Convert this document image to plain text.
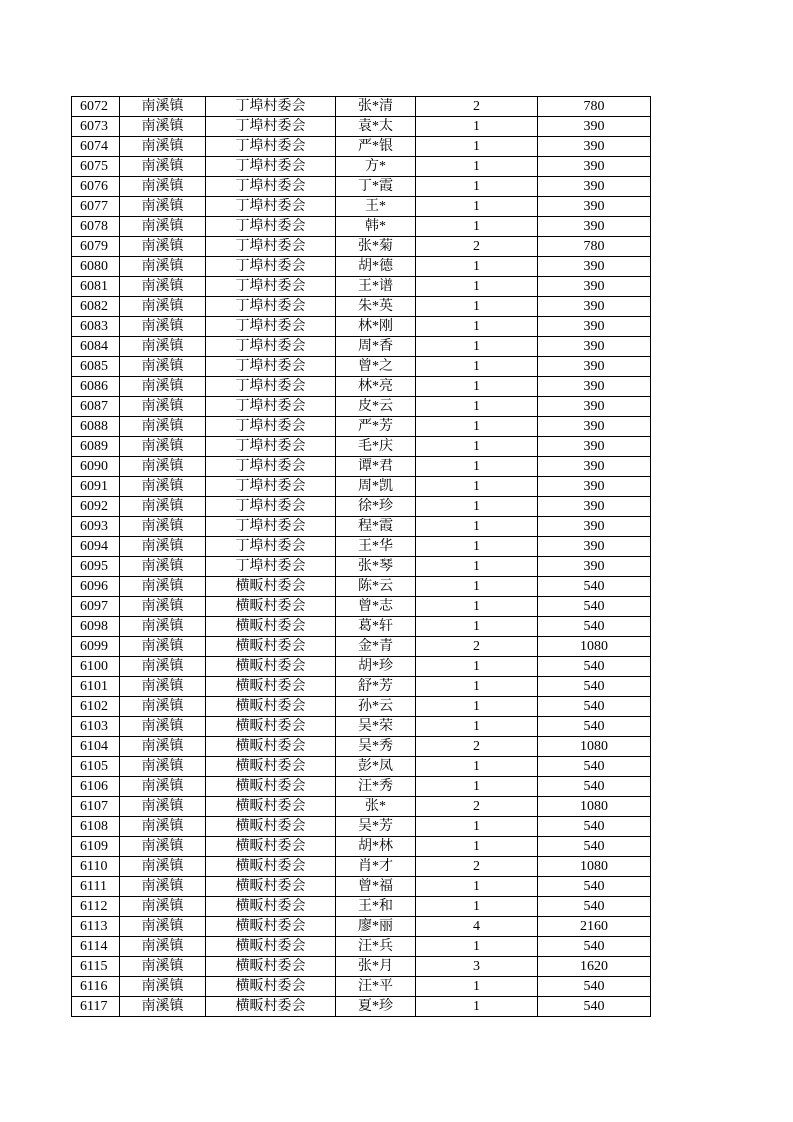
6072	南溪镇	丁埠村委会	张*清	2	780
6073	南溪镇	丁埠村委会	袁*太	1	390
6074	南溪镇	丁埠村委会	严*银	1	390
6075	南溪镇	丁埠村委会	方*	1	390
6076	南溪镇	丁埠村委会	丁*霞	1	390
6077	南溪镇	丁埠村委会	王*	1	390
6078	南溪镇	丁埠村委会	韩*	1	390
6079	南溪镇	丁埠村委会	张*菊	2	780
6080	南溪镇	丁埠村委会	胡*德	1	390
6081	南溪镇	丁埠村委会	王*谱	1	390
6082	南溪镇	丁埠村委会	朱*英	1	390
6083	南溪镇	丁埠村委会	林*刚	1	390
6084	南溪镇	丁埠村委会	周*香	1	390
6085	南溪镇	丁埠村委会	曾*之	1	390
6086	南溪镇	丁埠村委会	林*亮	1	390
6087	南溪镇	丁埠村委会	皮*云	1	390
6088	南溪镇	丁埠村委会	严*芳	1	390
6089	南溪镇	丁埠村委会	毛*庆	1	390
6090	南溪镇	丁埠村委会	谭*君	1	390
6091	南溪镇	丁埠村委会	周*凯	1	390
6092	南溪镇	丁埠村委会	徐*珍	1	390
6093	南溪镇	丁埠村委会	程*霞	1	390
6094	南溪镇	丁埠村委会	王*华	1	390
6095	南溪镇	丁埠村委会	张*琴	1	390
6096	南溪镇	横畈村委会	陈*云	1	540
6097	南溪镇	横畈村委会	曾*志	1	540
6098	南溪镇	横畈村委会	葛*轩	1	540
6099	南溪镇	横畈村委会	金*青	2	1080
6100	南溪镇	横畈村委会	胡*珍	1	540
6101	南溪镇	横畈村委会	舒*芳	1	540
6102	南溪镇	横畈村委会	孙*云	1	540
6103	南溪镇	横畈村委会	吴*荣	1	540
6104	南溪镇	横畈村委会	吴*秀	2	1080
6105	南溪镇	横畈村委会	彭*凤	1	540
6106	南溪镇	横畈村委会	汪*秀	1	540
6107	南溪镇	横畈村委会	张*	2	1080
6108	南溪镇	横畈村委会	吴*芳	1	540
6109	南溪镇	横畈村委会	胡*林	1	540
6110	南溪镇	横畈村委会	肖*才	2	1080
6111	南溪镇	横畈村委会	曾*福	1	540
6112	南溪镇	横畈村委会	王*和	1	540
6113	南溪镇	横畈村委会	廖*丽	4	2160
6114	南溪镇	横畈村委会	汪*兵	1	540
6115	南溪镇	横畈村委会	张*月	3	1620
6116	南溪镇	横畈村委会	汪*平	1	540
6117	南溪镇	横畈村委会	夏*珍	1	540
